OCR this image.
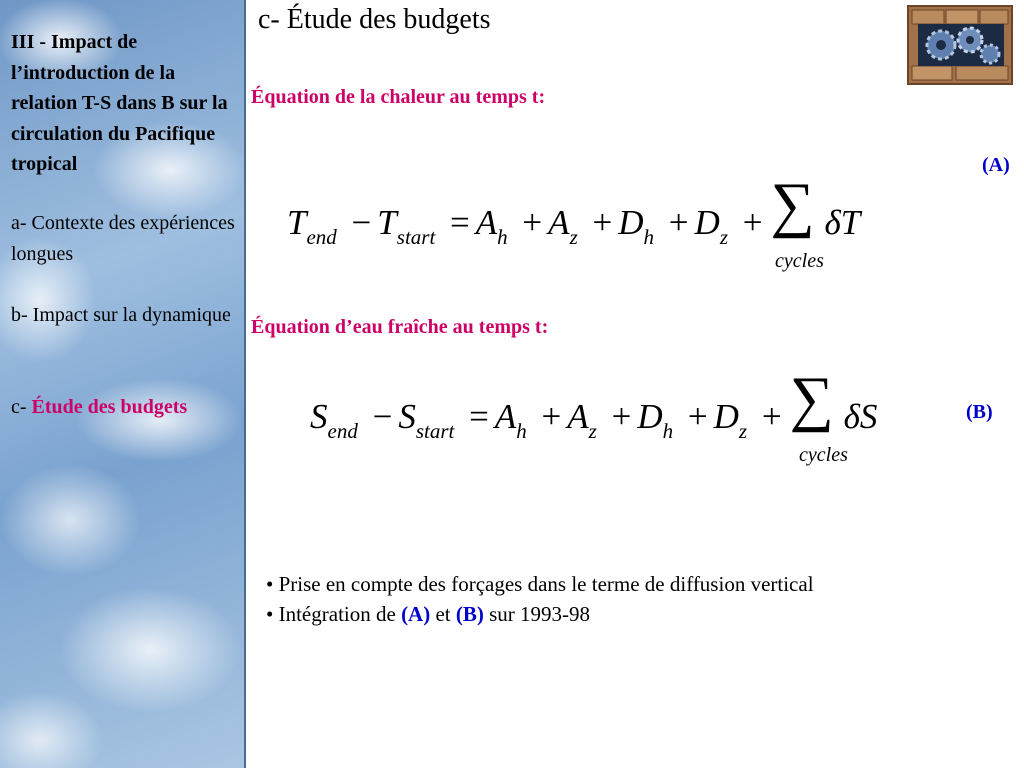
III - Impact de l’introduction de la relation T-S dans B sur la circulation du Pacifique tropical
a- Contexte des expériences longues
b- Impact sur la dynamique
c- Étude des budgets
c- Étude des budgets
Équation de la chaleur au temps t:
(A)
$T_{end} - T_{start} = A_h + A_z + D_h + D_z$ + ∑ δT
cycles
Équation d’eau fraîche au temps t:
(B)
$S_{end} - S_{start} = A_h + A_z + D_h + D_z$ + ∑ δS
cycles
• Prise en compte des forçages dans le terme de diffusion vertical
• Intégration de (A) et (B) sur 1993-98
